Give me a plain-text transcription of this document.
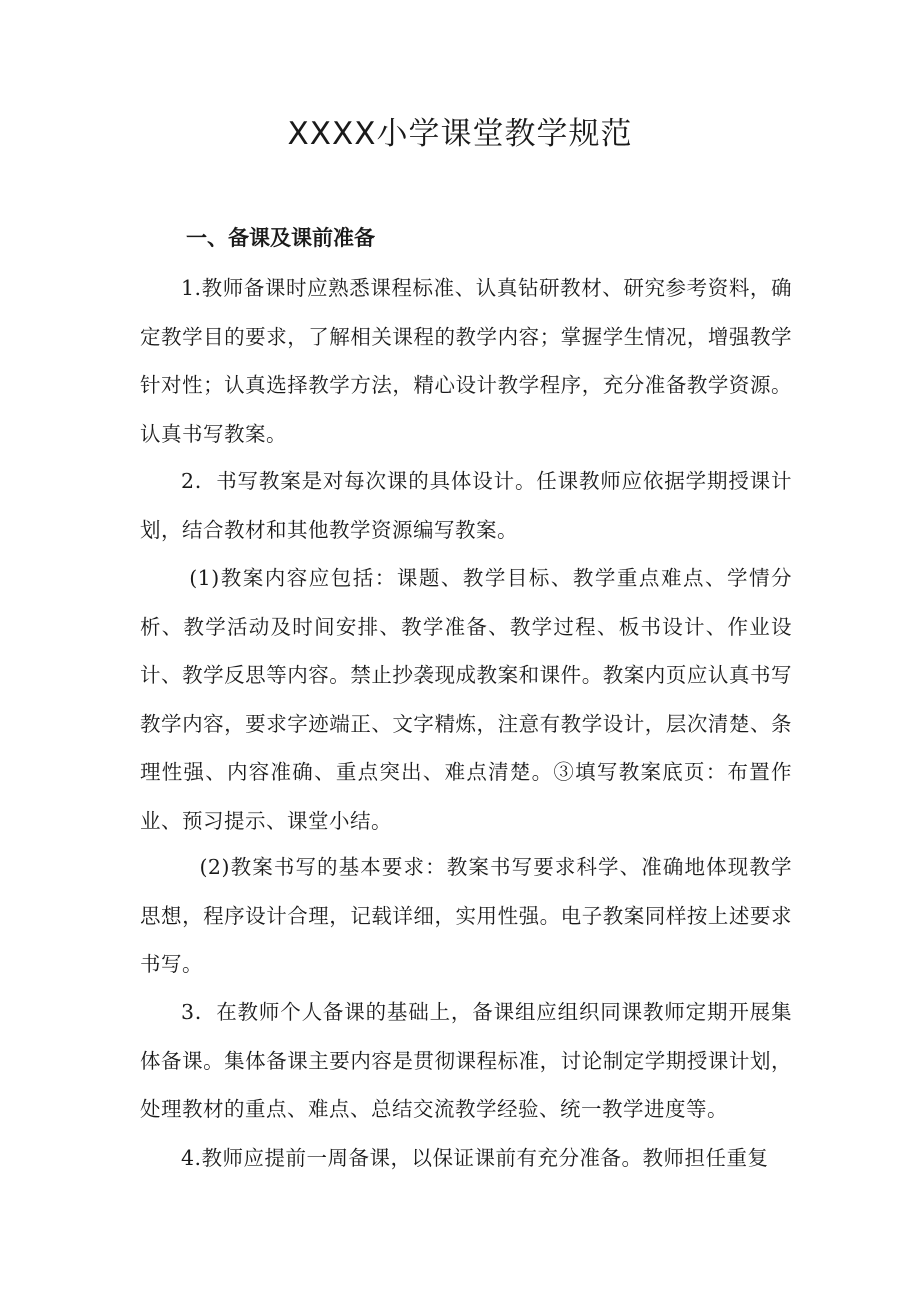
XXXX小学课堂教学规范
一、备课及课前准备

1.教师备课时应熟悉课程标准、认真钻研教材、研究参考资料，确定教学目的要求，了解相关课程的教学内容；掌握学生情况，增强教学针对性；认真选择教学方法，精心设计教学程序，充分准备教学资源。认真书写教案。

2．书写教案是对每次课的具体设计。任课教师应依据学期授课计划，结合教材和其他教学资源编写教案。

(1)教案内容应包括：课题、教学目标、教学重点难点、学情分析、教学活动及时间安排、教学准备、教学过程、板书设计、作业设计、教学反思等内容。禁止抄袭现成教案和课件。教案内页应认真书写教学内容，要求字迹端正、文字精炼，注意有教学设计，层次清楚、条理性强、内容准确、重点突出、难点清楚。③填写教案底页：布置作业、预习提示、课堂小结。

(2)教案书写的基本要求：教案书写要求科学、准确地体现教学思想，程序设计合理，记载详细，实用性强。电子教案同样按上述要求书写。

3．在教师个人备课的基础上，备课组应组织同课教师定期开展集体备课。集体备课主要内容是贯彻课程标准，讨论制定学期授课计划，处理教材的重点、难点、总结交流教学经验、统一教学进度等。

4.教师应提前一周备课，以保证课前有充分准备。教师担任重复
